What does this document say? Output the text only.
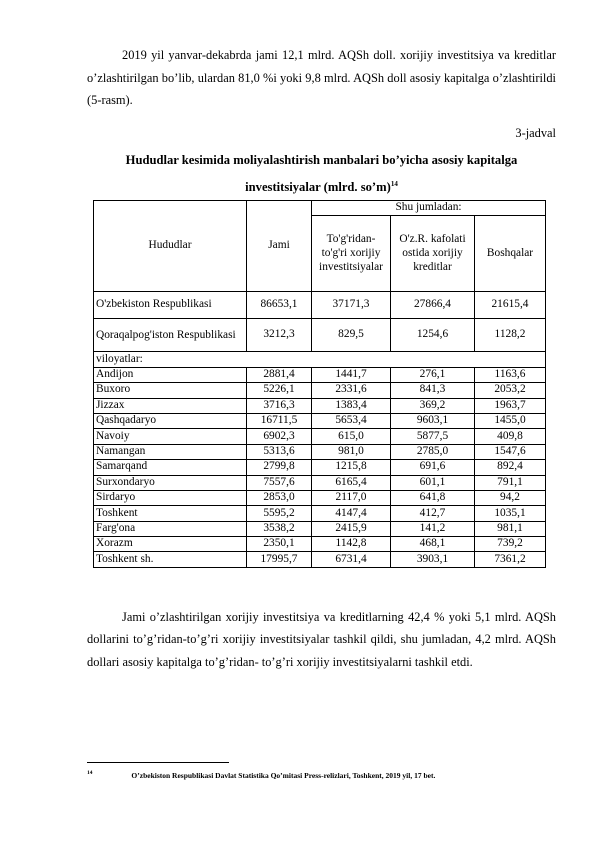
2019 yil yanvar-dekabrda jami 12,1 mlrd. AQSh doll. xorijiy investitsiya va kreditlar o’zlashtirilgan bo’lib, ulardan 81,0 %i yoki 9,8 mlrd. AQSh doll asosiy kapitalga o’zlashtirildi (5-rasm).
3-jadval
Hududlar kesimida moliyalashtirish manbalari bo’yicha asosiy kapitalga investitsiyalar (mlrd. so’m)$^{14}$
Hududlar	Jami	Shu jumladan:		
		To'g'ridan-to'g'ri xorijiy investitsiyalar	O'z.R. kafolati ostida xorijiy kreditlar	Boshqalar
O'zbekiston Respublikasi	86653,1	37171,3	27866,4	21615,4
Qoraqalpog'iston Respublikasi	3212,3	829,5	1254,6	1128,2
viloyatlar:				
Andijon	2881,4	1441,7	276,1	1163,6
Buxoro	5226,1	2331,6	841,3	2053,2
Jizzax	3716,3	1383,4	369,2	1963,7
Qashqadaryo	16711,5	5653,4	9603,1	1455,0
Navoiy	6902,3	615,0	5877,5	409,8
Namangan	5313,6	981,0	2785,0	1547,6
Samarqand	2799,8	1215,8	691,6	892,4
Surxondaryo	7557,6	6165,4	601,1	791,1
Sirdaryo	2853,0	2117,0	641,8	94,2
Toshkent	5595,2	4147,4	412,7	1035,1
Farg'ona	3538,2	2415,9	141,2	981,1
Xorazm	2350,1	1142,8	468,1	739,2
Toshkent sh.	17995,7	6731,4	3903,1	7361,2
Jami o’zlashtirilgan xorijiy investitsiya va kreditlarning 42,4 % yoki 5,1 mlrd. AQSh dollarini to’g’ridan-to’g’ri xorijiy investitsiyalar tashkil qildi, shu jumladan, 4,2 mlrd. AQSh dollari asosiy kapitalga to’g’ridan- to’g’ri xorijiy investitsiyalarni tashkil etdi.
$^{14}$	O’zbekiston Respublikasi Davlat Statistika Qo’mitasi Press-relizlari, Toshkent, 2019 yil, 17 bet.
